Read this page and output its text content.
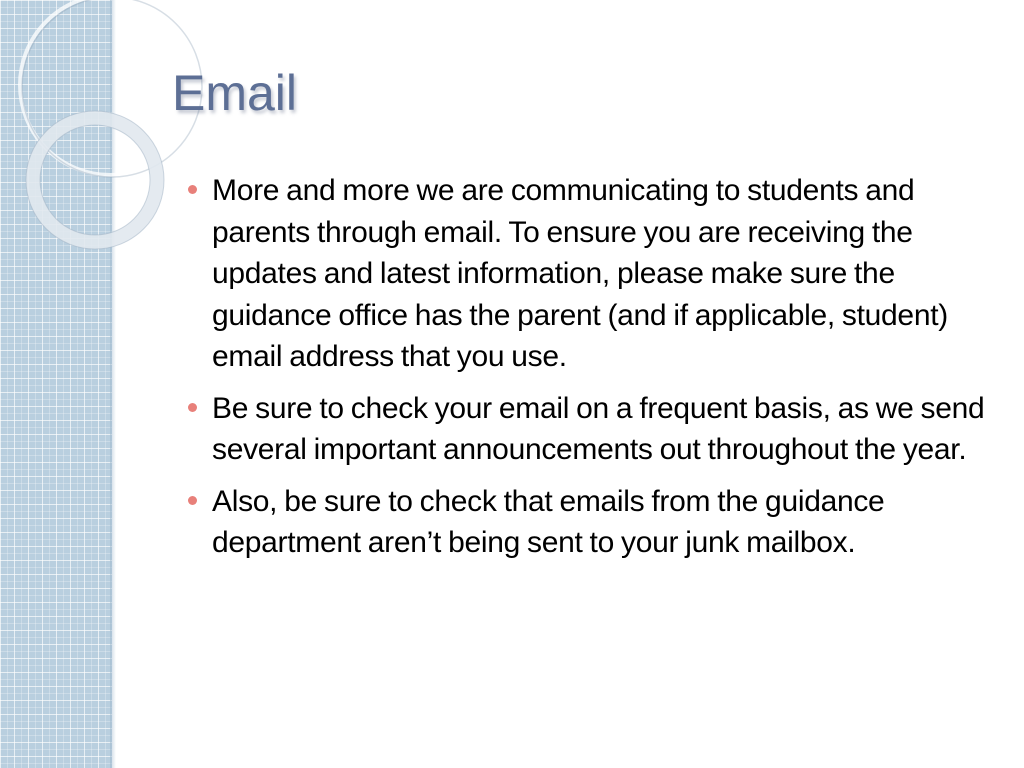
Email
More and more we are communicating to students and parents through email. To ensure you are receiving the updates and latest information, please make sure the guidance office has the parent (and if applicable, student) email address that you use.
Be sure to check your email on a frequent basis, as we send several important announcements out throughout the year.
Also, be sure to check that emails from the guidance department aren’t being sent to your junk mailbox.
